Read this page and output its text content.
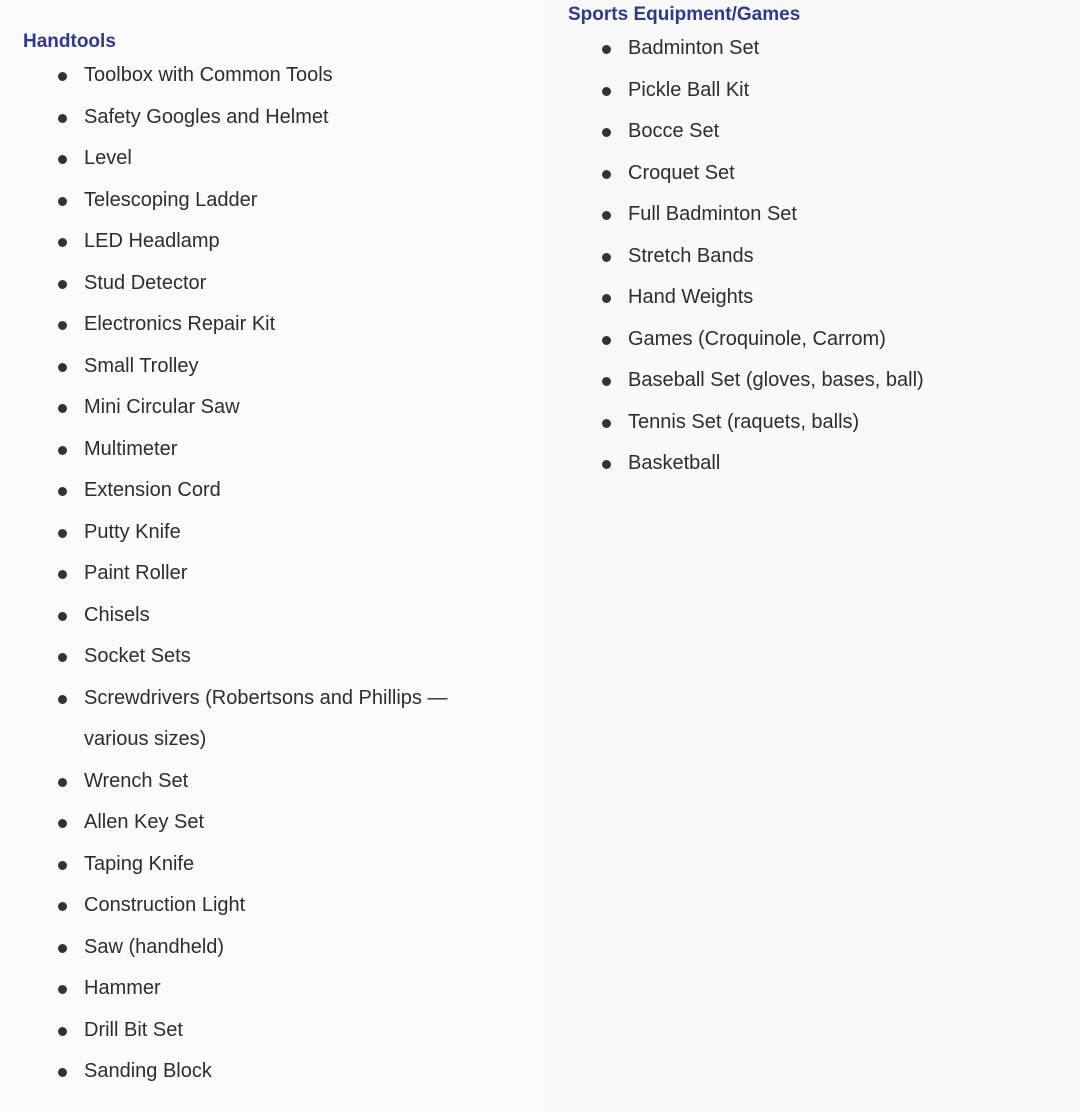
Handtools
Toolbox with Common Tools
Safety Googles and Helmet
Level
Telescoping Ladder
LED Headlamp
Stud Detector
Electronics Repair Kit
Small Trolley
Mini Circular Saw
Multimeter
Extension Cord
Putty Knife
Paint Roller
Chisels
Socket Sets
Screwdrivers (Robertsons and Phillips — various sizes)
Wrench Set
Allen Key Set
Taping Knife
Construction Light
Saw (handheld)
Hammer
Drill Bit Set
Sanding Block
Sports Equipment/Games
Badminton Set
Pickle Ball Kit
Bocce Set
Croquet Set
Full Badminton Set
Stretch Bands
Hand Weights
Games (Croquinole, Carrom)
Baseball Set (gloves, bases, ball)
Tennis Set (raquets, balls)
Basketball
